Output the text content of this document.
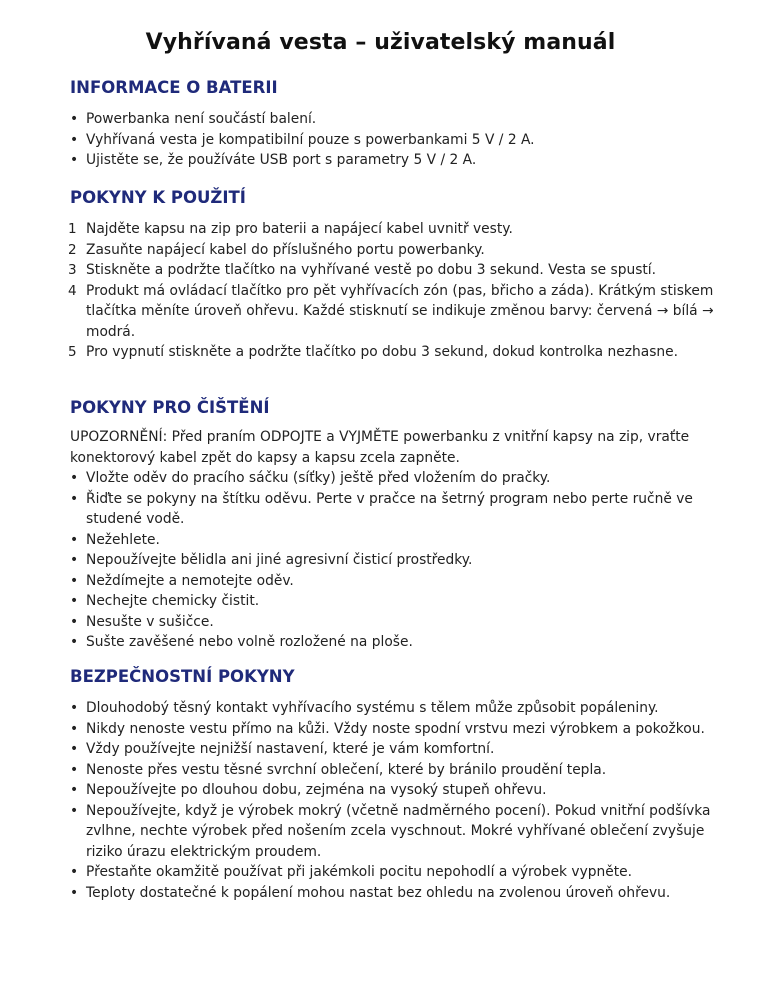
Vyhřívaná vesta – uživatelský manuál
INFORMACE O BATERII
• Powerbanka není součástí balení.
• Vyhřívaná vesta je kompatibilní pouze s powerbankami 5 V / 2 A.
• Ujistěte se, že používáte USB port s parametry 5 V / 2 A.
POKYNY K POUŽITÍ
1 Najděte kapsu na zip pro baterii a napájecí kabel uvnitř vesty.
2 Zasuňte napájecí kabel do příslušného portu powerbanky.
3 Stiskněte a podržte tlačítko na vyhřívané vestě po dobu 3 sekund. Vesta se spustí.
4 Produkt má ovládací tlačítko pro pět vyhřívacích zón (pas, břicho a záda). Krátkým stiskem tlačítka měníte úroveň ohřevu. Každé stisknutí se indikuje změnou barvy: červená → bílá → modrá.
5 Pro vypnutí stiskněte a podržte tlačítko po dobu 3 sekund, dokud kontrolka nezhasne.
POKYNY PRO ČIŠTĚNÍ

UPOZORNĚNÍ: Před praním ODPOJTE a VYJMĚTE powerbanku z vnitřní kapsy na zip, vraťte konektorový kabel zpět do kapsy a kapsu zcela zapněte.

• Vložte oděv do pracího sáčku (síťky) ještě před vložením do pračky.
• Řiďte se pokyny na štítku oděvu. Perte v pračce na šetrný program nebo perte ručně ve studené vodě.
• Nežehlete.
• Nepoužívejte bělidla ani jiné agresivní čisticí prostředky.
• Neždímejte a nemotejte oděv.
• Nechejte chemicky čistit.
• Nesušte v sušičce.
• Sušte zavěšené nebo volně rozložené na ploše.
BEZPEČNOSTNÍ POKYNY
• Dlouhodobý těsný kontakt vyhřívacího systému s tělem může způsobit popáleniny.
• Nikdy nenoste vestu přímo na kůži. Vždy noste spodní vrstvu mezi výrobkem a pokožkou.
• Vždy používejte nejnižší nastavení, které je vám komfortní.
• Nenoste přes vestu těsné svrchní oblečení, které by bránilo proudění tepla.
• Nepoužívejte po dlouhou dobu, zejména na vysoký stupeň ohřevu.
• Nepoužívejte, když je výrobek mokrý (včetně nadměrného pocení). Pokud vnitřní podšívka zvlhne, nechte výrobek před nošením zcela vyschnout. Mokré vyhřívané oblečení zvyšuje riziko úrazu elektrickým proudem.
• Přestaňte okamžitě používat při jakémkoli pocitu nepohodlí a výrobek vypněte.
• Teploty dostatečné k popálení mohou nastat bez ohledu na zvolenou úroveň ohřevu.
